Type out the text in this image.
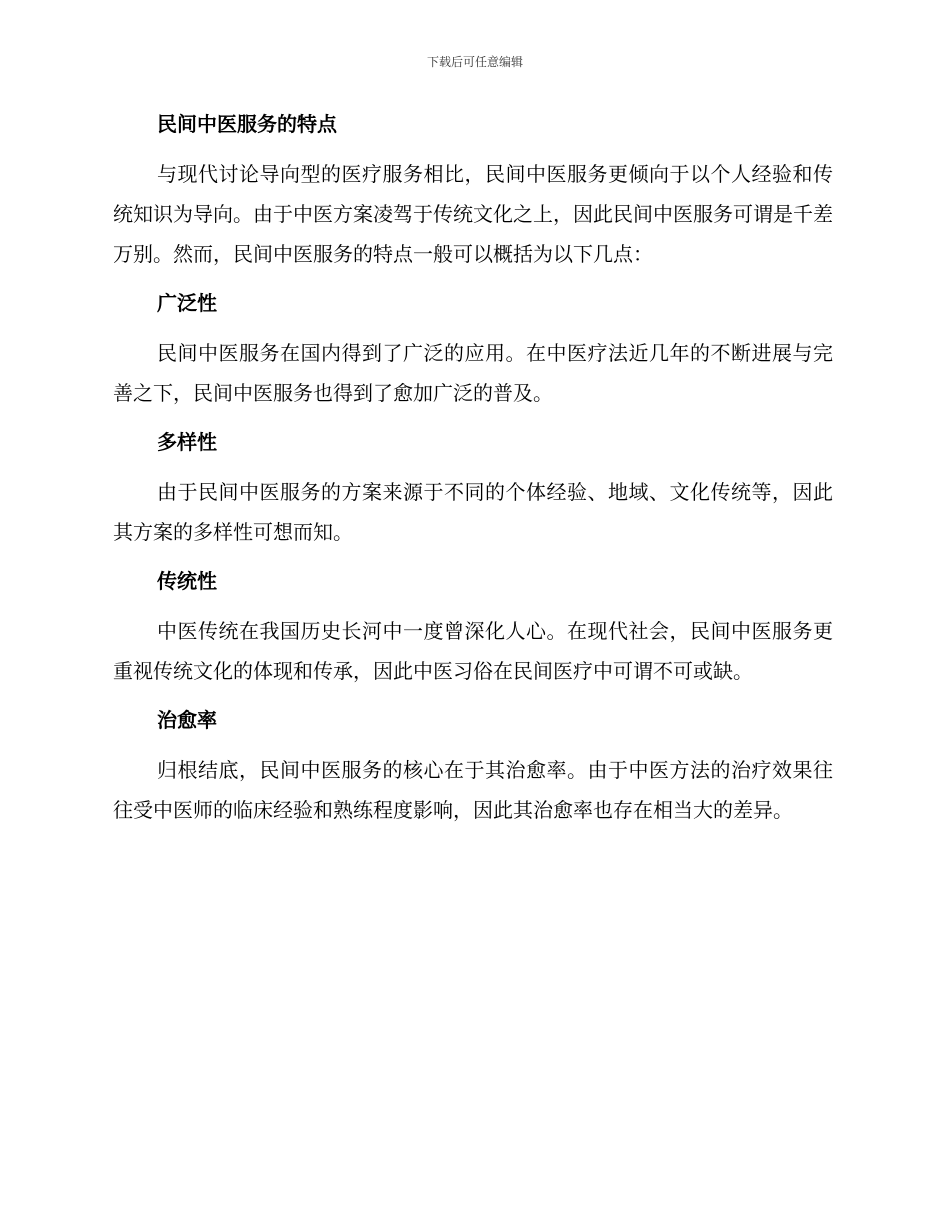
下载后可任意编辑
民间中医服务的特点

与现代讨论导向型的医疗服务相比，民间中医服务更倾向于以个人经验和传统知识为导向。由于中医方案凌驾于传统文化之上，因此民间中医服务可谓是千差万别。然而，民间中医服务的特点一般可以概括为以下几点：

广泛性

民间中医服务在国内得到了广泛的应用。在中医疗法近几年的不断进展与完善之下，民间中医服务也得到了愈加广泛的普及。

多样性

由于民间中医服务的方案来源于不同的个体经验、地域、文化传统等，因此其方案的多样性可想而知。

传统性

中医传统在我国历史长河中一度曾深化人心。在现代社会，民间中医服务更重视传统文化的体现和传承，因此中医习俗在民间医疗中可谓不可或缺。

治愈率

归根结底，民间中医服务的核心在于其治愈率。由于中医方法的治疗效果往往受中医师的临床经验和熟练程度影响，因此其治愈率也存在相当大的差异。
